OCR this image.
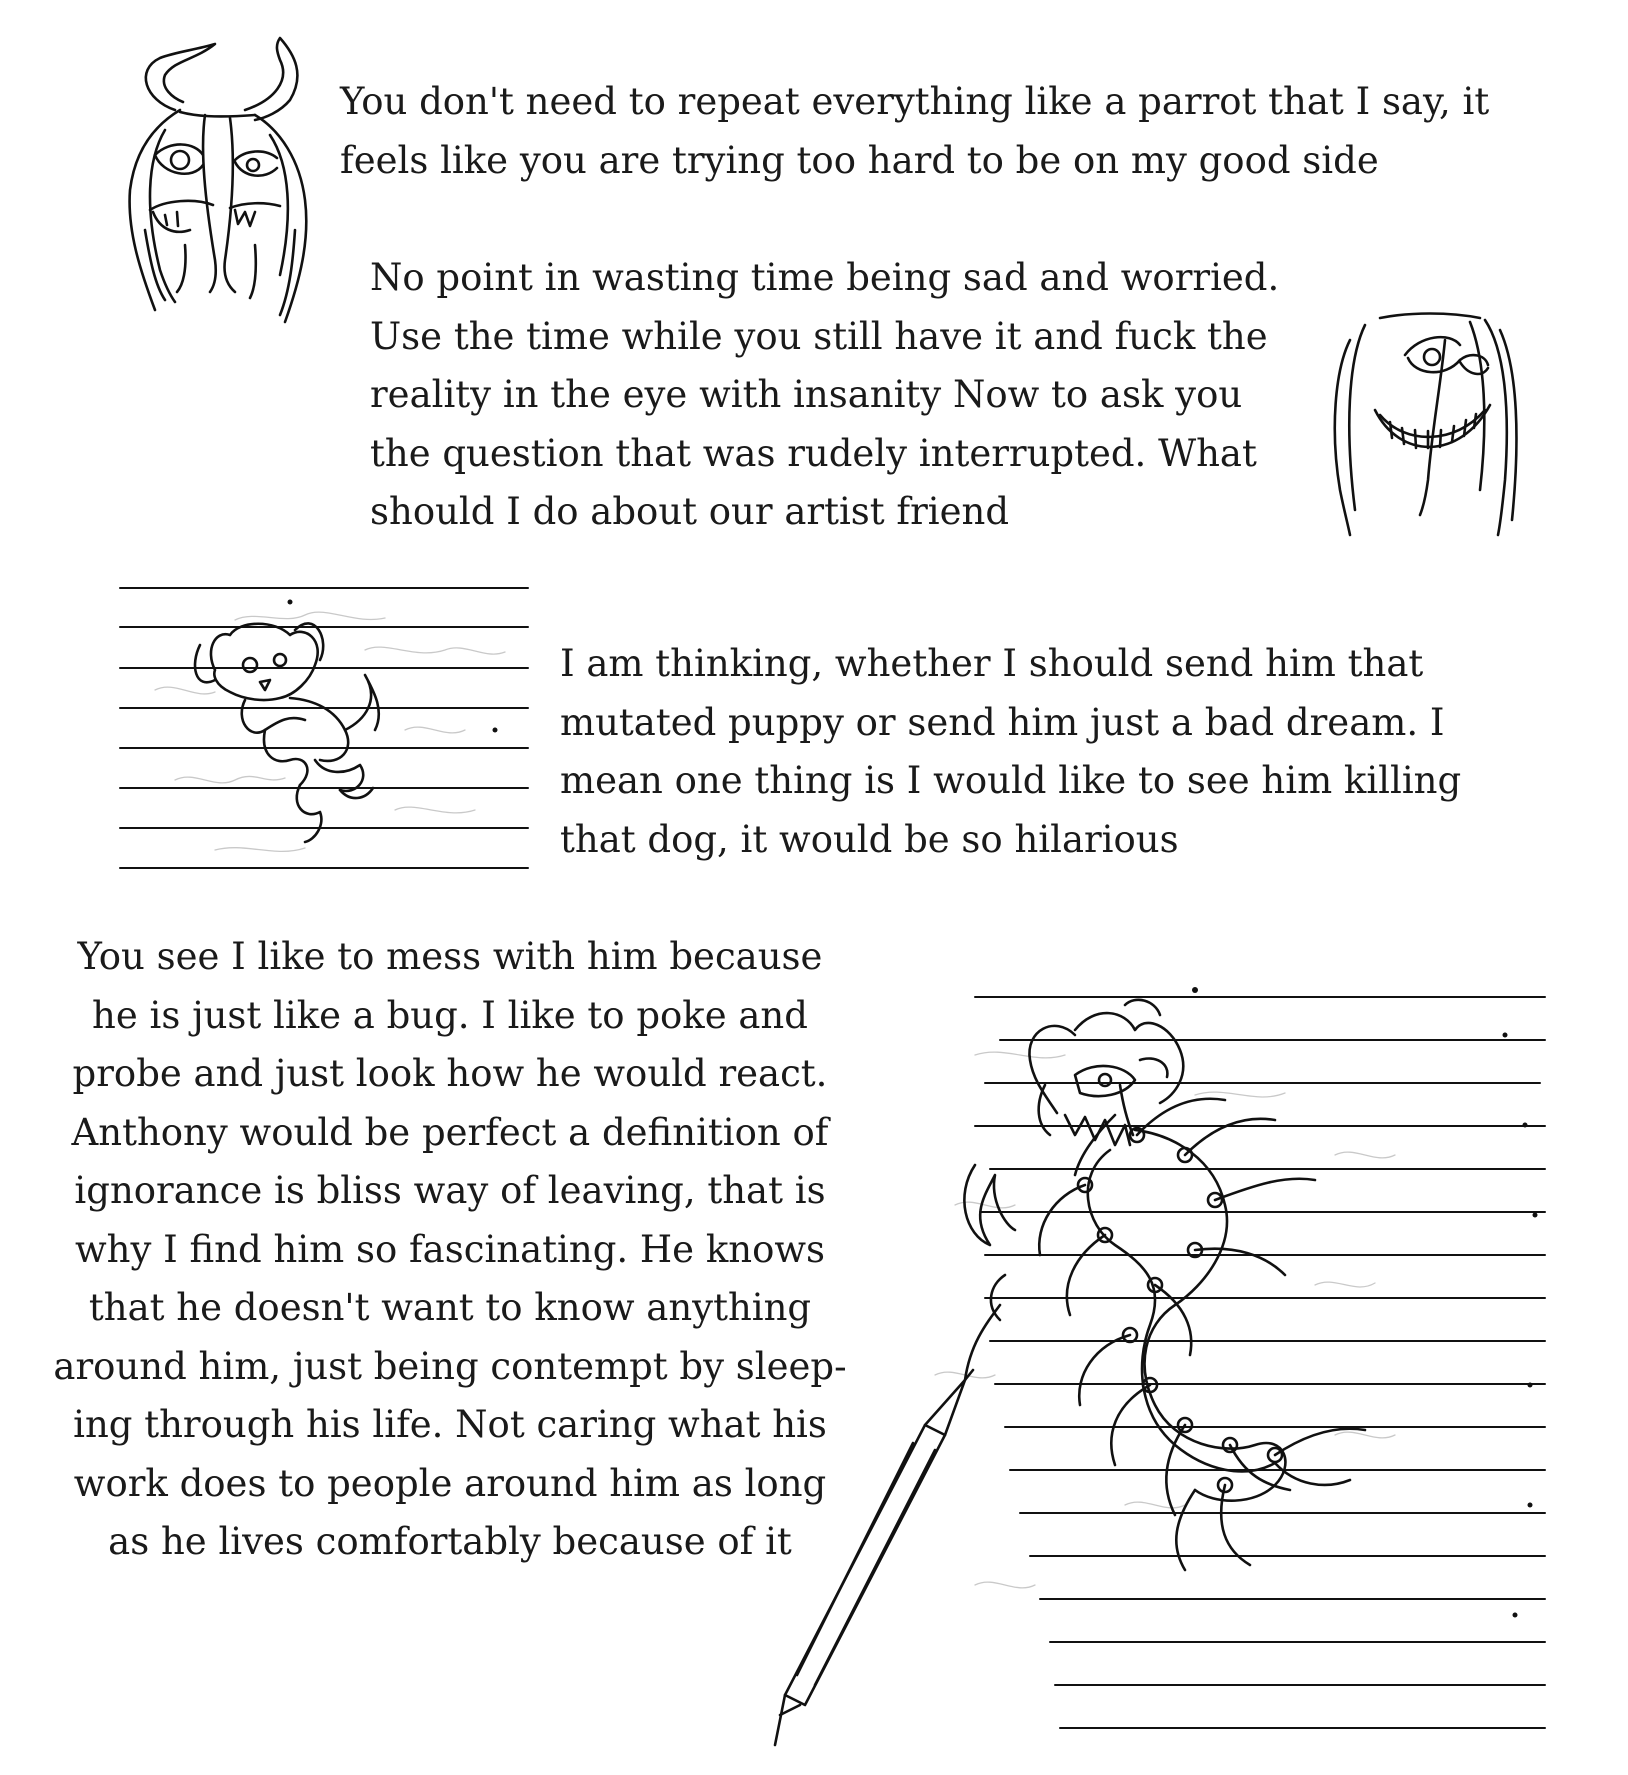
You don't need to repeat everything like a parrot that I say, it
feels like you are trying too hard to be on my good side
No point in wasting time being sad and worried.
Use the time while you still have it and fuck the
reality in the eye with insanity Now to ask you
the question that was rudely interrupted. What
should I do about our artist friend
I am thinking, whether I should send him that
mutated puppy or send him just a bad dream. I
mean one thing is I would like to see him killing
that dog, it would be so hilarious
You see I like to mess with him because
he is just like a bug. I like to poke and
probe and just look how he would react.
Anthony would be perfect a definition of
ignorance is bliss way of leaving, that is
why I find him so fascinating. He knows
that he doesn't want to know anything
around him, just being contempt by sleep-
ing through his life. Not caring what his
work does to people around him as long
as he lives comfortably because of it
